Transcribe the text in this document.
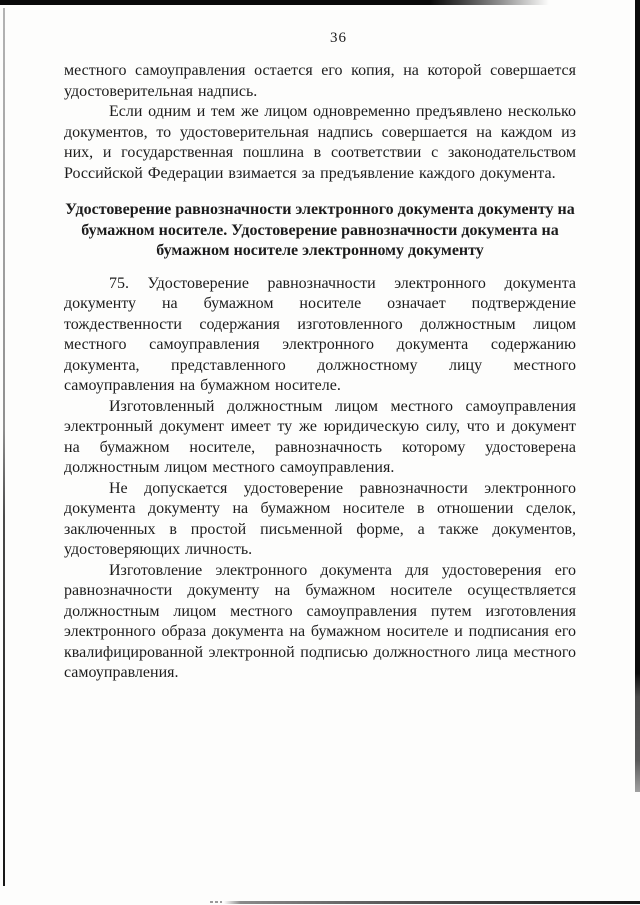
36

местного самоуправления остается его копия, на которой совершается удостоверительная надпись.

Если одним и тем же лицом одновременно предъявлено несколько документов, то удостоверительная надпись совершается на каждом из них, и государственная пошлина в соответствии с законодательством Российской Федерации взимается за предъявление каждого документа.

Удостоверение равнозначности электронного документа документу на бумажном носителе. Удостоверение равнозначности документа на бумажном носителе электронному документу

75. Удостоверение равнозначности электронного документа документу на бумажном носителе означает подтверждение тождественности содержания изготовленного должностным лицом местного самоуправления электронного документа содержанию документа, представленного должностному лицу местного самоуправления на бумажном носителе.

Изготовленный должностным лицом местного самоуправления электронный документ имеет ту же юридическую силу, что и документ на бумажном носителе, равнозначность которому удостоверена должностным лицом местного самоуправления.

Не допускается удостоверение равнозначности электронного документа документу на бумажном носителе в отношении сделок, заключенных в простой письменной форме, а также документов, удостоверяющих личность.

Изготовление электронного документа для удостоверения его равнозначности документу на бумажном носителе осуществляется должностным лицом местного самоуправления путем изготовления электронного образа документа на бумажном носителе и подписания его квалифицированной электронной подписью должностного лица местного самоуправления.
